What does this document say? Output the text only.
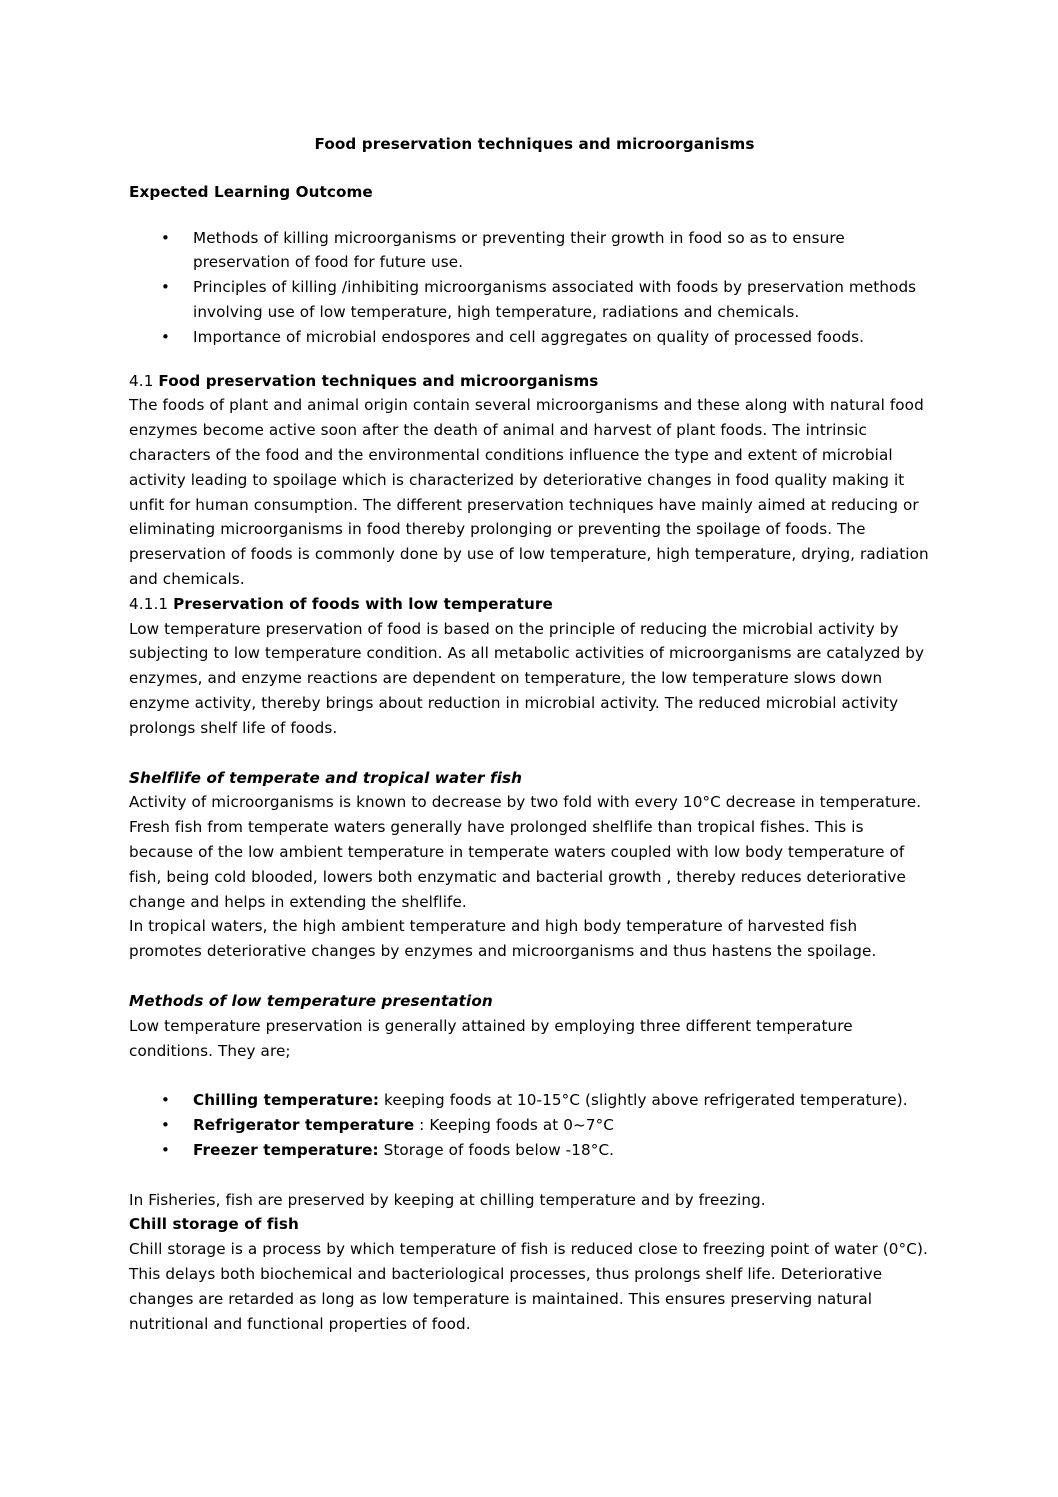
Food preservation techniques and microorganisms

Expected Learning Outcome

• Methods of killing microorganisms or preventing their growth in food so as to ensure preservation of food for future use.
• Principles of killing /inhibiting microorganisms associated with foods by preservation methods involving use of low temperature, high temperature, radiations and chemicals.
• Importance of microbial endospores and cell aggregates on quality of processed foods.

4.1 Food preservation techniques and microorganisms

The foods of plant and animal origin contain several microorganisms and these along with natural food enzymes become active soon after the death of animal and harvest of plant foods. The intrinsic characters of the food and the environmental conditions influence the type and extent of microbial activity leading to spoilage which is characterized by deteriorative changes in food quality making it unfit for human consumption. The different preservation techniques have mainly aimed at reducing or eliminating microorganisms in food thereby prolonging or preventing the spoilage of foods. The preservation of foods is commonly done by use of low temperature, high temperature, drying, radiation and chemicals.

4.1.1 Preservation of foods with low temperature

Low temperature preservation of food is based on the principle of reducing the microbial activity by subjecting to low temperature condition. As all metabolic activities of microorganisms are catalyzed by enzymes, and enzyme reactions are dependent on temperature, the low temperature slows down enzyme activity, thereby brings about reduction in microbial activity. The reduced microbial activity prolongs shelf life of foods.

Shelflife of temperate and tropical water fish

Activity of microorganisms is known to decrease by two fold with every 10°C decrease in temperature. Fresh fish from temperate waters generally have prolonged shelflife than tropical fishes. This is because of the low ambient temperature in temperate waters coupled with low body temperature of fish, being cold blooded, lowers both enzymatic and bacterial growth , thereby reduces deteriorative change and helps in extending the shelflife.

In tropical waters, the high ambient temperature and high body temperature of harvested fish promotes deteriorative changes by enzymes and microorganisms and thus hastens the spoilage.

Methods of low temperature presentation

Low temperature preservation is generally attained by employing three different temperature conditions. They are;

• Chilling temperature: keeping foods at 10-15°C (slightly above refrigerated temperature).
• Refrigerator temperature : Keeping foods at 0~7°C
• Freezer temperature: Storage of foods below -18°C.

In Fisheries, fish are preserved by keeping at chilling temperature and by freezing.

Chill storage of fish

Chill storage is a process by which temperature of fish is reduced close to freezing point of water (0°C). This delays both biochemical and bacteriological processes, thus prolongs shelf life. Deteriorative changes are retarded as long as low temperature is maintained. This ensures preserving natural nutritional and functional properties of food.
